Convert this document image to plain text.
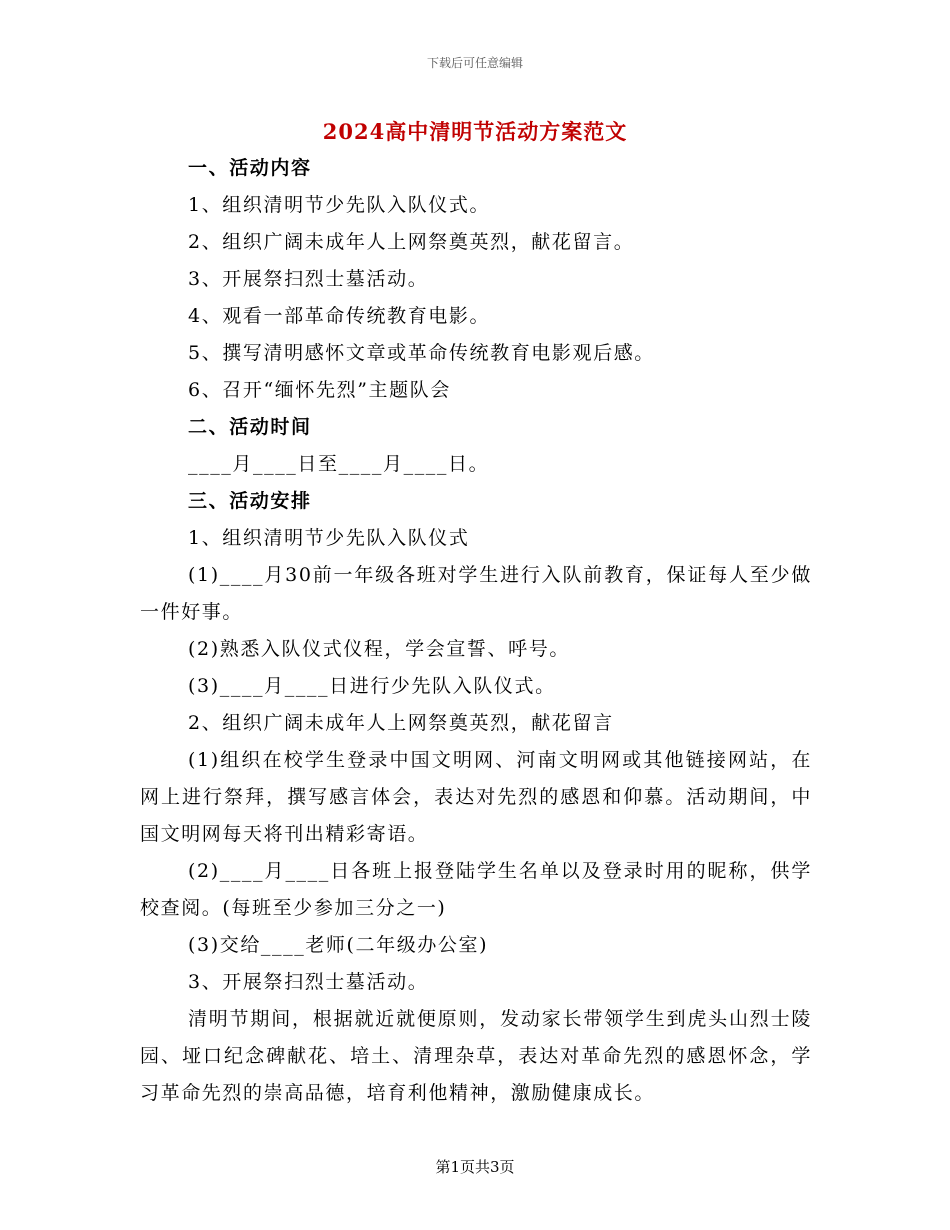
下载后可任意编辑
2024高中清明节活动方案范文

一、活动内容

1、组织清明节少先队入队仪式。

2、组织广阔未成年人上网祭奠英烈，献花留言。

3、开展祭扫烈士墓活动。

4、观看一部革命传统教育电影。

5、撰写清明感怀文章或革命传统教育电影观后感。

6、召开“缅怀先烈”主题队会

二、活动时间

____月____日至____月____日。

三、活动安排

1、组织清明节少先队入队仪式

(1)____月30前一年级各班对学生进行入队前教育，保证每人至少做一件好事。

(2)熟悉入队仪式仪程，学会宣誓、呼号。

(3)____月____日进行少先队入队仪式。

2、组织广阔未成年人上网祭奠英烈，献花留言

(1)组织在校学生登录中国文明网、河南文明网或其他链接网站，在网上进行祭拜，撰写感言体会，表达对先烈的感恩和仰慕。活动期间，中国文明网每天将刊出精彩寄语。

(2)____月____日各班上报登陆学生名单以及登录时用的昵称，供学校查阅。(每班至少参加三分之一)

(3)交给____老师(二年级办公室)

3、开展祭扫烈士墓活动。

清明节期间，根据就近就便原则，发动家长带领学生到虎头山烈士陵园、垭口纪念碑献花、培土、清理杂草，表达对革命先烈的感恩怀念，学习革命先烈的崇高品德，培育利他精神，激励健康成长。

第1页共3页
